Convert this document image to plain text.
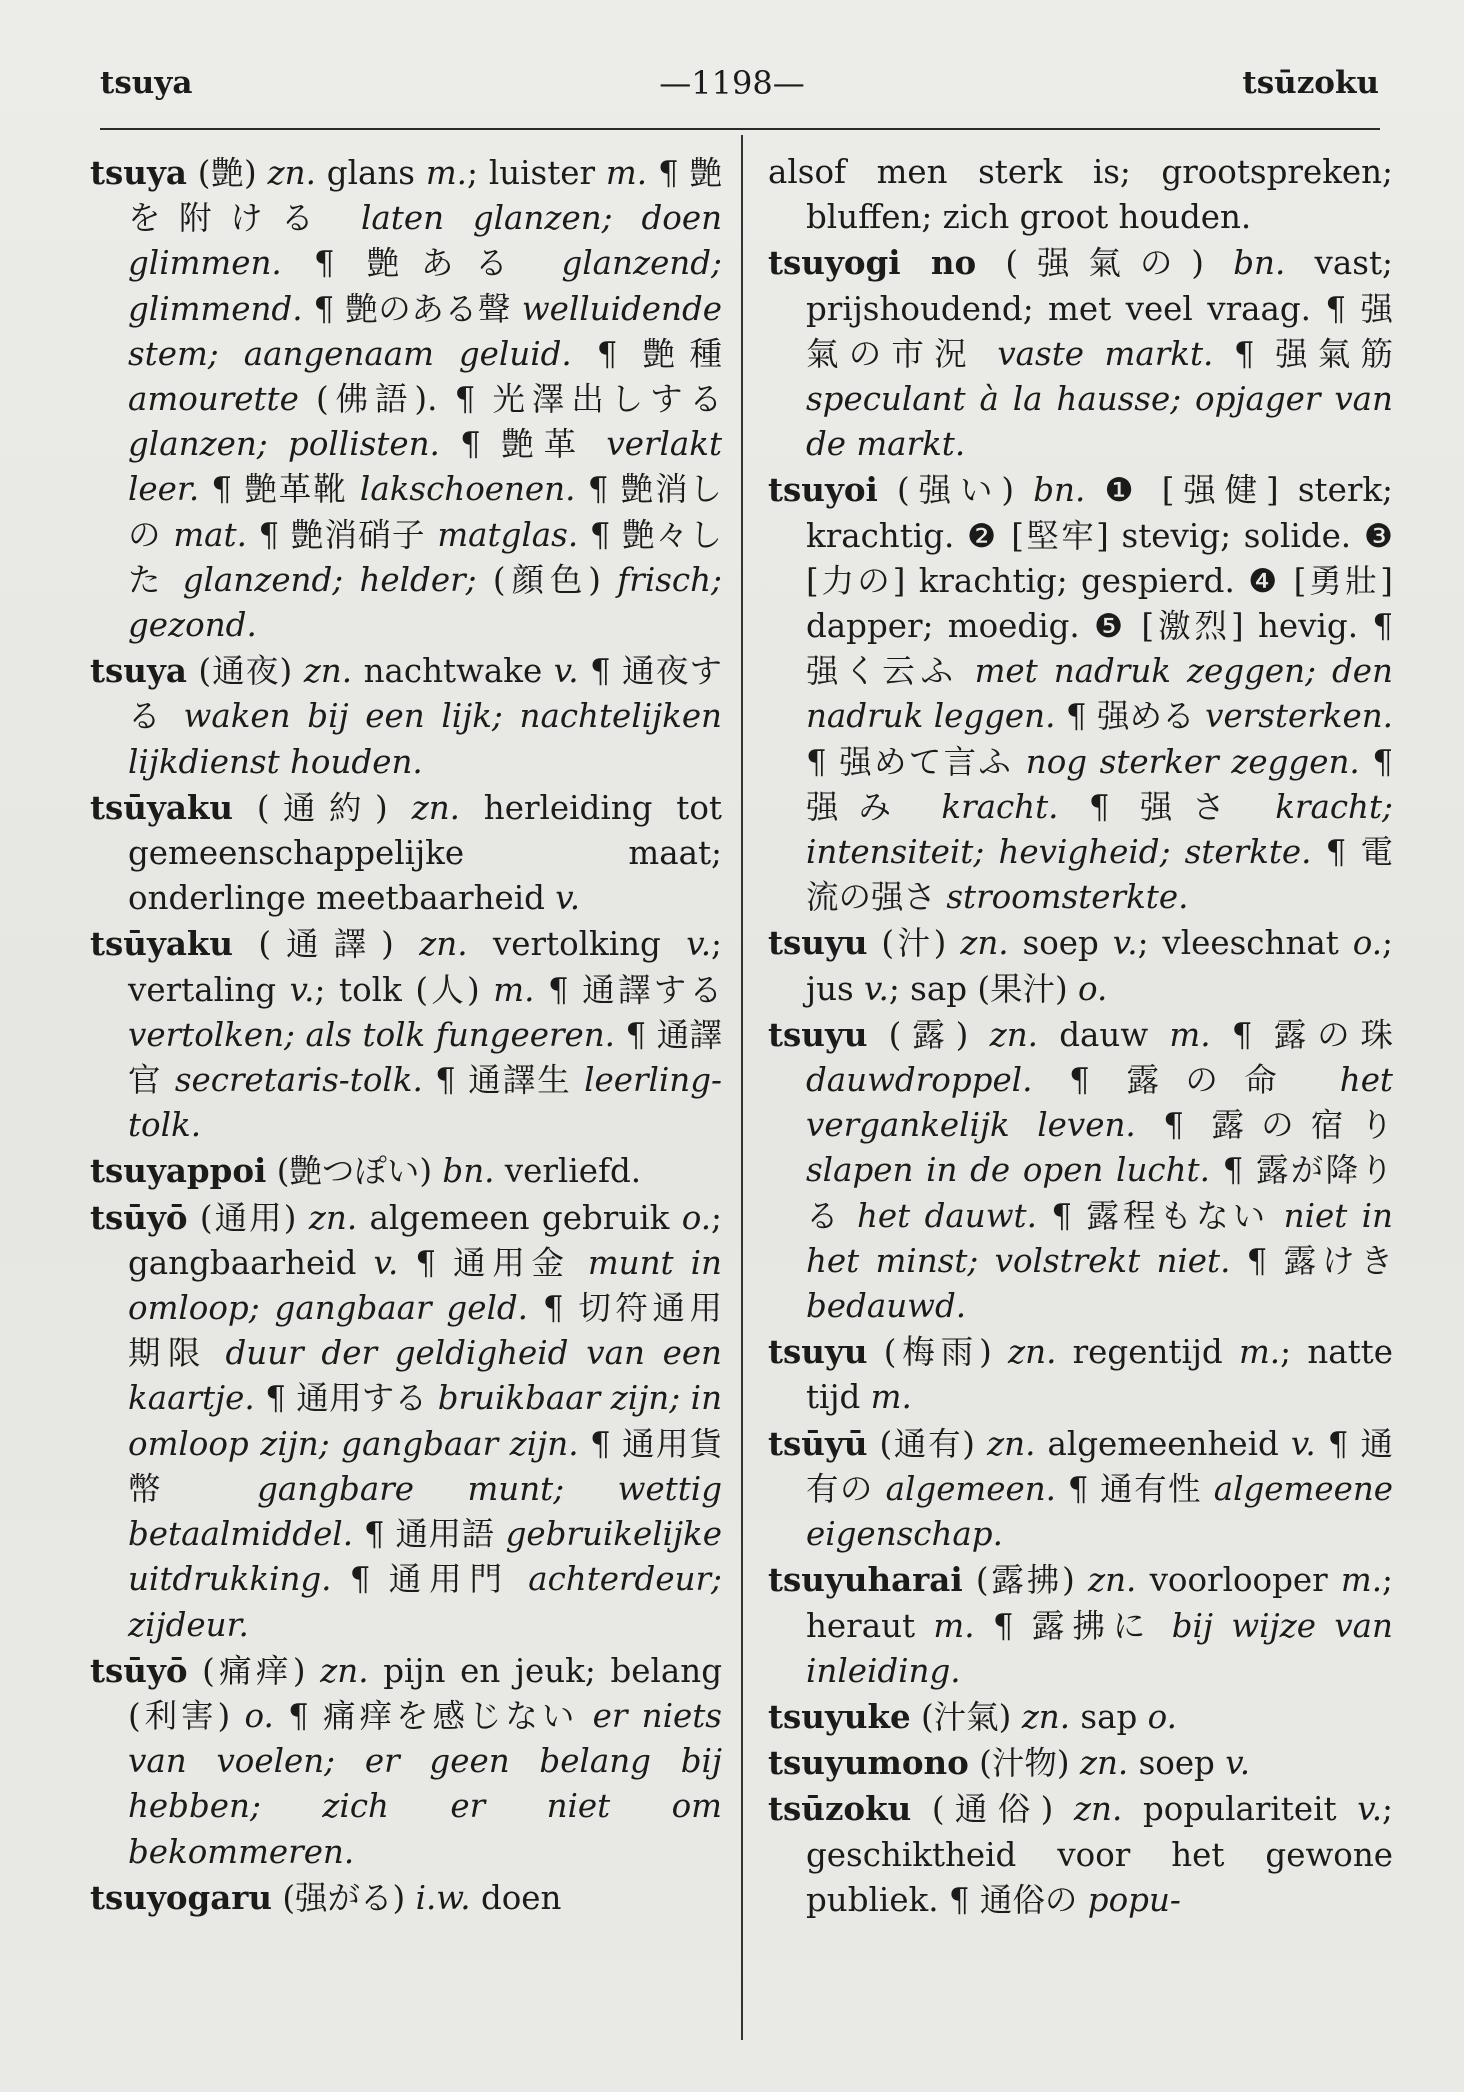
—1198—
tsuya	tsūzoku

tsuya (艶) zn. glans m.; luister m. ¶ 艶を附ける laten glanzen; doen glimmen. ¶ 艶ある glanzend; glimmend. ¶ 艶のある聲 welluidende stem; aangenaam geluid. ¶ 艶種 amourette (佛語). ¶ 光澤出しする glanzen; pollisten. ¶ 艶革 verlakt leer. ¶ 艶革靴 lakschoenen. ¶ 艶消しの mat. ¶ 艶消硝子 matglas. ¶ 艶々した glanzend; helder; (顔色) frisch; gezond.

tsuya (通夜) zn. nachtwake v. ¶ 通夜する waken bij een lijk; nachtelijken lijkdienst houden.

tsūyaku (通約) zn. herleiding tot gemeenschappelijke maat; onderlinge meetbaarheid v.

tsūyaku (通譯) zn. vertolking v.; vertaling v.; tolk (人) m. ¶ 通譯する vertolken; als tolk fungeeren. ¶ 通譯官 secretaris-tolk. ¶ 通譯生 leerling-tolk.

tsuyappoi (艶つぽい) bn. verliefd.

tsūyō (通用) zn. algemeen gebruik o.; gangbaarheid v. ¶ 通用金 munt in omloop; gangbaar geld. ¶ 切符通用期限 duur der geldigheid van een kaartje. ¶ 通用する bruikbaar zijn; in omloop zijn; gangbaar zijn. ¶ 通用貨幣 gangbare munt; wettig betaalmiddel. ¶ 通用語 gebruikelijke uitdrukking. ¶ 通用門 achterdeur; zijdeur.

tsūyō (痛痒) zn. pijn en jeuk; belang (利害) o. ¶ 痛痒を感じない er niets van voelen; er geen belang bij hebben; zich er niet om bekommeren.

tsuyogaru (强がる) i.w. doen

alsof men sterk is; grootspreken; bluffen; zich groot houden.

tsuyogi no (强氣の) bn. vast; prijshoudend; met veel vraag. ¶ 强氣の市況 vaste markt. ¶ 强氣筋 speculant à la hausse; opjager van de markt.

tsuyoi (强い) bn. ❶ [强健] sterk; krachtig. ❷ [堅牢] stevig; solide. ❸ [力の] krachtig; gespierd. ❹ [勇壯] dapper; moedig. ❺ [激烈] hevig. ¶ 强く云ふ met nadruk zeggen; den nadruk leggen. ¶ 强める versterken. ¶ 强めて言ふ nog sterker zeggen. ¶ 强み kracht. ¶ 强さ kracht; intensiteit; hevigheid; sterkte. ¶ 電流の强さ stroomsterkte.

tsuyu (汁) zn. soep v.; vleeschnat o.; jus v.; sap (果汁) o.

tsuyu (露) zn. dauw m. ¶ 露の珠 dauwdroppel. ¶ 露の命 het vergankelijk leven. ¶ 露の宿り slapen in de open lucht. ¶ 露が降りる het dauwt. ¶ 露程もない niet in het minst; volstrekt niet. ¶ 露けき bedauwd.

tsuyu (梅雨) zn. regentijd m.; natte tijd m.

tsūyū (通有) zn. algemeenheid v. ¶ 通有の algemeen. ¶ 通有性 algemeene eigenschap.

tsuyuharai (露拂) zn. voorlooper m.; heraut m. ¶ 露拂に bij wijze van inleiding.

tsuyuke (汁氣) zn. sap o.

tsuyumono (汁物) zn. soep v.

tsūzoku (通俗) zn. populariteit v.; geschiktheid voor het gewone publiek. ¶ 通俗の popu-
